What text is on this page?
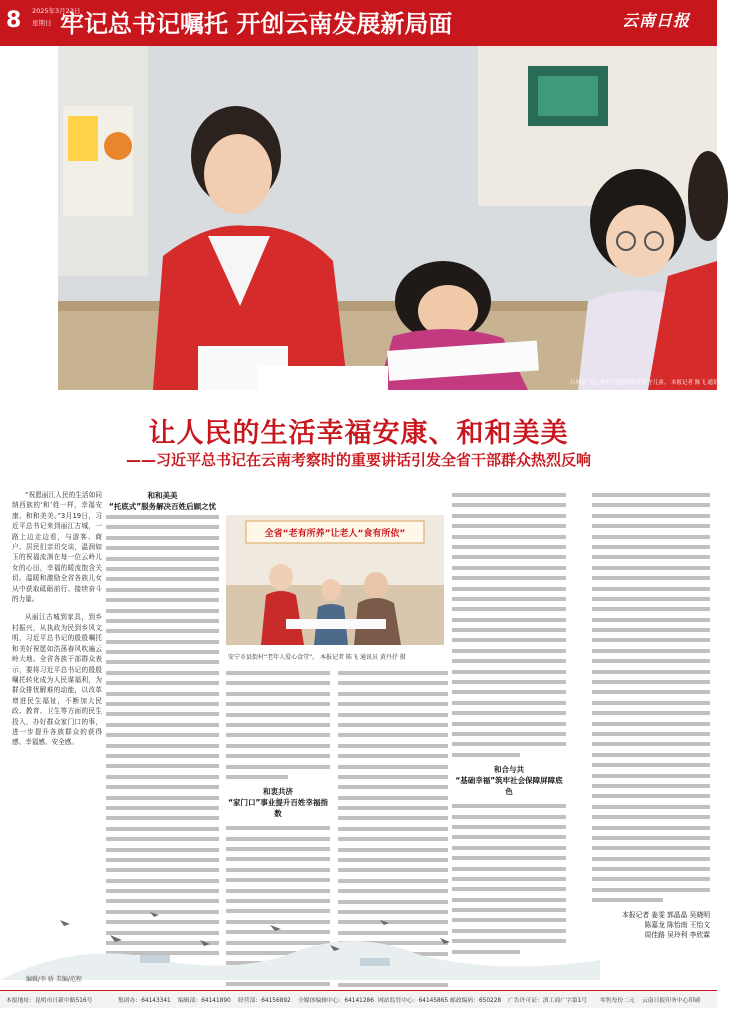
8 2025年3月23日
星期日 牢记总书记嘱托 开创云南发展新局面	云南日报
石林县“爱心妈妈”志愿者陪伴留守儿童。 本报记者 陈飞 通讯员 张建忙 摄
让人民的生活幸福安康、和和美美
——习近平总书记在云南考察时的重要讲话引发全省干部群众热烈反响
“祝愿丽江人民的生活如同纳西族的‘和’姓一样，幸福安康、和和美美。”3月19日，习近平总书记来到丽江古城，一路上边走边看，与游客、商户、居民们亲切交谈，温润如玉的祝福流淌在每一位云岭儿女的心田，幸福的暖流饱含关切。温暖和激励全省各族儿女从中获取砥砺前行、接续奋斗的力量。
从丽江古城到家具，到乡村振兴，从执政为民到乡风文明，习近平总书记的殷殷嘱托和美好祝愿如浩荡春风吹遍云岭大地。全省各族干部群众表示，要将习近平总书记的殷殷嘱托转化成为人民谋福利，为群众排忧解难的动能，以改革增进民生福祉，不断加大民政、教育、卫生等方面的民生投入，办好群众家门口的事，进一步提升各族群众的获得感、幸福感、安全感。
和和美美
“托底式”服务解决百姓后顾之忧
全省“老有所养”让老人“食有所依”
安宁市县街村“老年人爱心食堂”。 本报记者 陈飞 通讯员 黄丹抒 摄
和衷共济
“家门口”事业提升百姓幸福指数
和合与共
“基础幸福”筑牢社会保障屏障底色
本报记者 姜雯 郭晶晶 吴晓明
陈嘉龙 陈怡南 王怡文
周佳路 吴玲利 李欣霖
编辑/李 骄 美编/范程
本报地址：昆明市日新中路516号	集团办：64143341 编辑部：64141890 经营部：64156892 全媒体编辑中心：64141286 网站监管中心：64145865 邮政编码：650228 广告许可证：滇工商广字第1号 零售每份二元 云南日报印务中心印刷
